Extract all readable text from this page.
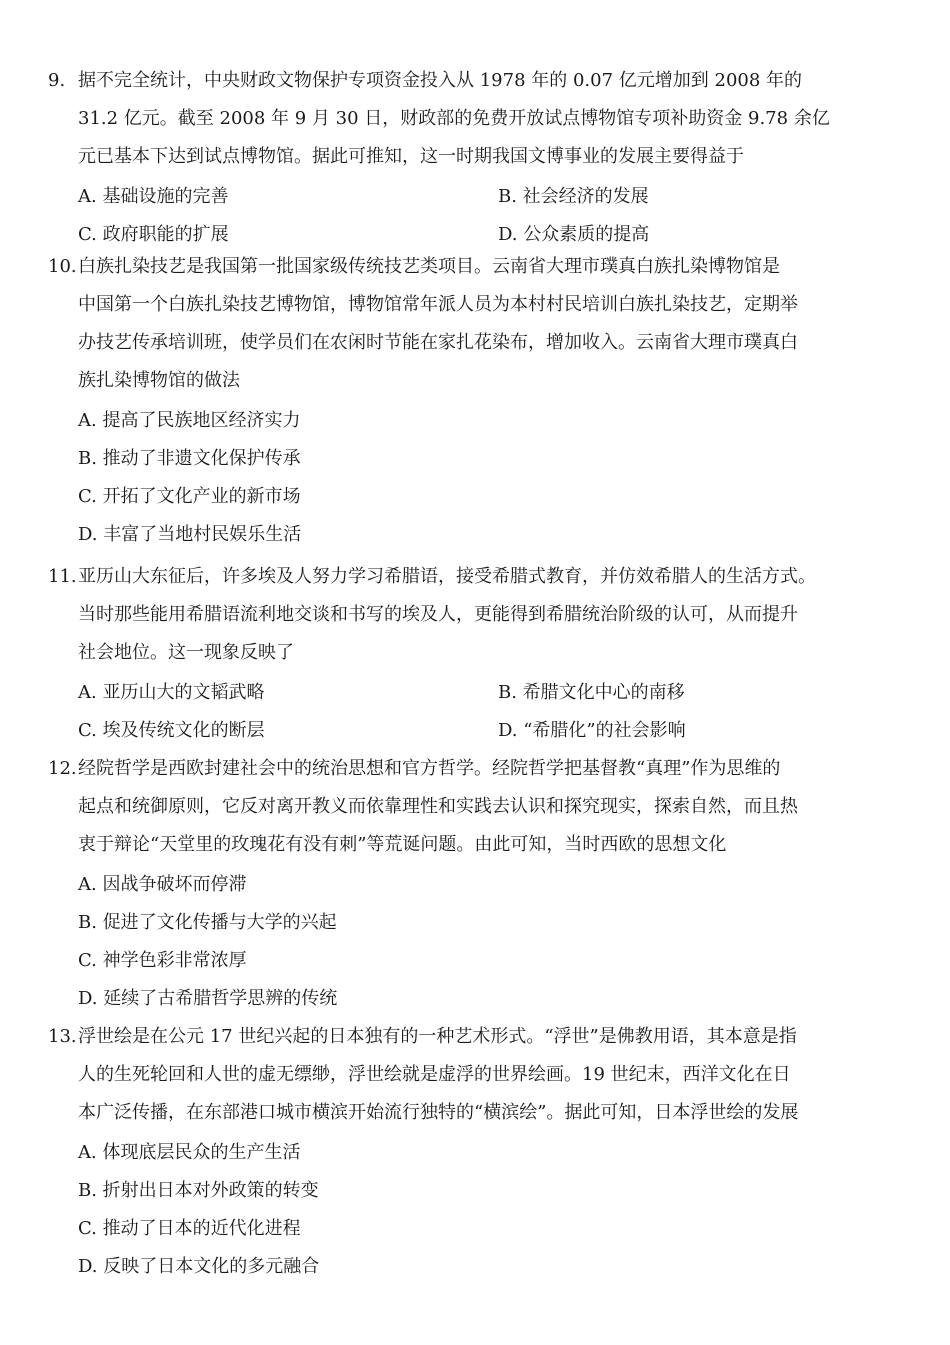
9. 据不完全统计，中央财政文物保护专项资金投入从 1978 年的 0.07 亿元增加到 2008 年的
31.2 亿元。截至 2008 年 9 月 30 日，财政部的免费开放试点博物馆专项补助资金 9.78 余亿
元已基本下达到试点博物馆。据此可推知，这一时期我国文博事业的发展主要得益于

A. 基础设施的完善	B. 社会经济的发展
C. 政府职能的扩展	D. 公众素质的提高

10.白族扎染技艺是我国第一批国家级传统技艺类项目。云南省大理市璞真白族扎染博物馆是
中国第一个白族扎染技艺博物馆，博物馆常年派人员为本村村民培训白族扎染技艺，定期举
办技艺传承培训班，使学员们在农闲时节能在家扎花染布，增加收入。云南省大理市璞真白
族扎染博物馆的做法

A. 提高了民族地区经济实力
B. 推动了非遗文化保护传承
C. 开拓了文化产业的新市场
D. 丰富了当地村民娱乐生活

11.亚历山大东征后，许多埃及人努力学习希腊语，接受希腊式教育，并仿效希腊人的生活方式。
当时那些能用希腊语流利地交谈和书写的埃及人，更能得到希腊统治阶级的认可，从而提升
社会地位。这一现象反映了

A. 亚历山大的文韬武略	B. 希腊文化中心的南移
C. 埃及传统文化的断层	D. “希腊化”的社会影响

12.经院哲学是西欧封建社会中的统治思想和官方哲学。经院哲学把基督教“真理”作为思维的
起点和统御原则，它反对离开教义而依靠理性和实践去认识和探究现实，探索自然，而且热
衷于辩论“天堂里的玫瑰花有没有刺”等荒诞问题。由此可知，当时西欧的思想文化

A. 因战争破坏而停滞
B. 促进了文化传播与大学的兴起
C. 神学色彩非常浓厚
D. 延续了古希腊哲学思辨的传统

13.浮世绘是在公元 17 世纪兴起的日本独有的一种艺术形式。“浮世”是佛教用语，其本意是指
人的生死轮回和人世的虚无缥缈，浮世绘就是虚浮的世界绘画。19 世纪末，西洋文化在日
本广泛传播，在东部港口城市横滨开始流行独特的“横滨绘”。据此可知，日本浮世绘的发展

A. 体现底层民众的生产生活
B. 折射出日本对外政策的转变
C. 推动了日本的近代化进程
D. 反映了日本文化的多元融合
